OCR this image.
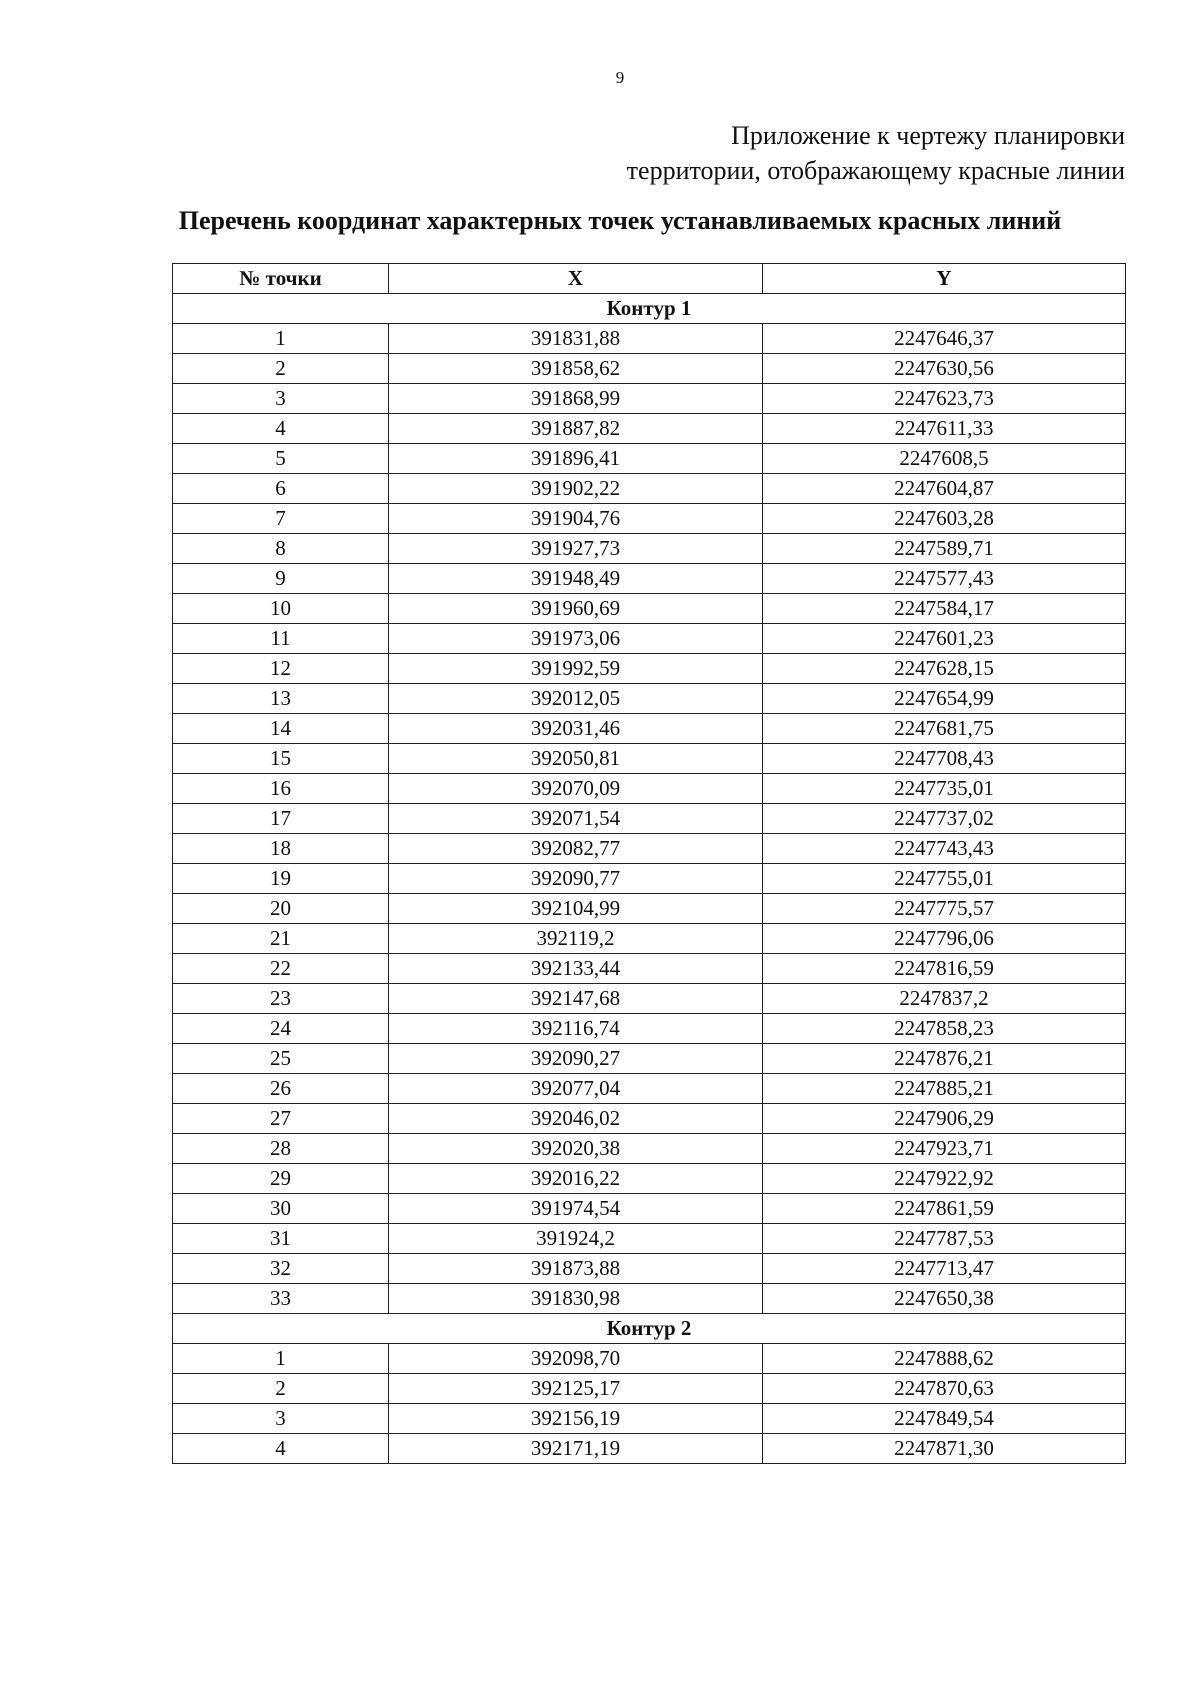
9
Приложение к чертежу планировки
территории, отображающему красные линии
Перечень координат характерных точек устанавливаемых красных линий
№ точки	X	Y
Контур 1		
1	391831,88	2247646,37
2	391858,62	2247630,56
3	391868,99	2247623,73
4	391887,82	2247611,33
5	391896,41	2247608,5
6	391902,22	2247604,87
7	391904,76	2247603,28
8	391927,73	2247589,71
9	391948,49	2247577,43
10	391960,69	2247584,17
11	391973,06	2247601,23
12	391992,59	2247628,15
13	392012,05	2247654,99
14	392031,46	2247681,75
15	392050,81	2247708,43
16	392070,09	2247735,01
17	392071,54	2247737,02
18	392082,77	2247743,43
19	392090,77	2247755,01
20	392104,99	2247775,57
21	392119,2	2247796,06
22	392133,44	2247816,59
23	392147,68	2247837,2
24	392116,74	2247858,23
25	392090,27	2247876,21
26	392077,04	2247885,21
27	392046,02	2247906,29
28	392020,38	2247923,71
29	392016,22	2247922,92
30	391974,54	2247861,59
31	391924,2	2247787,53
32	391873,88	2247713,47
33	391830,98	2247650,38
Контур 2		
1	392098,70	2247888,62
2	392125,17	2247870,63
3	392156,19	2247849,54
4	392171,19	2247871,30
